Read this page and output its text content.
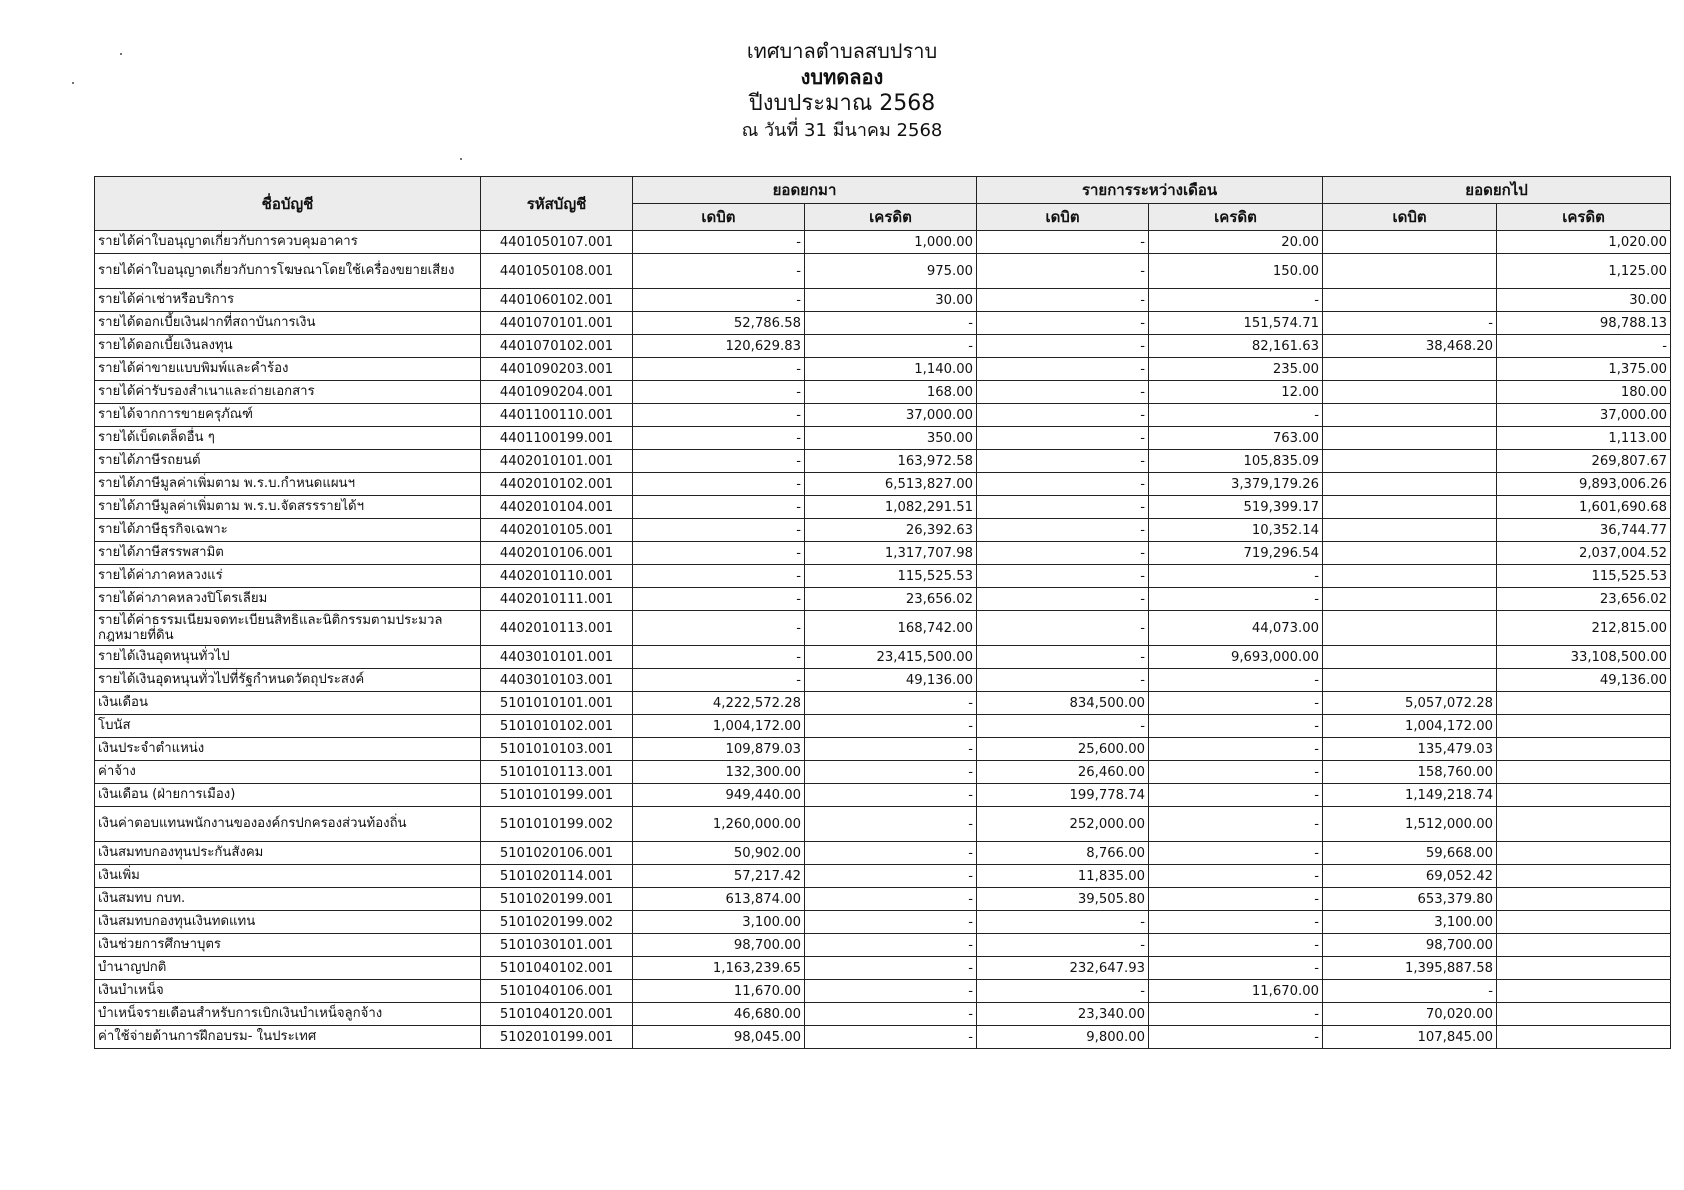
เทศบาลตำบลสบปราบ
งบทดลอง
ปีงบประมาณ 2568
ณ วันที่ 31 มีนาคม 2568
ชื่อบัญชี	รหัสบัญชี	ยอดยกมา		รายการระหว่างเดือน		ยอดยกไป	
		เดบิต	เครดิต	เดบิต	เครดิต	เดบิต	เครดิต
รายได้ค่าใบอนุญาตเกี่ยวกับการควบคุมอาคาร	4401050107.001	-	1,000.00	-	20.00		1,020.00
รายได้ค่าใบอนุญาตเกี่ยวกับการโฆษณาโดยใช้เครื่องขยายเสียง	4401050108.001	-	975.00	-	150.00		1,125.00
รายได้ค่าเช่าหรือบริการ	4401060102.001	-	30.00	-	-		30.00
รายได้ดอกเบี้ยเงินฝากที่สถาบันการเงิน	4401070101.001	52,786.58	-	-	151,574.71	-	98,788.13
รายได้ดอกเบี้ยเงินลงทุน	4401070102.001	120,629.83	-	-	82,161.63	38,468.20	-
รายได้ค่าขายแบบพิมพ์และคำร้อง	4401090203.001	-	1,140.00	-	235.00		1,375.00
รายได้ค่ารับรองสำเนาและถ่ายเอกสาร	4401090204.001	-	168.00	-	12.00		180.00
รายได้จากการขายครุภัณฑ์	4401100110.001	-	37,000.00	-	-		37,000.00
รายได้เบ็ดเตล็ดอื่น ๆ	4401100199.001	-	350.00	-	763.00		1,113.00
รายได้ภาษีรถยนต์	4402010101.001	-	163,972.58	-	105,835.09		269,807.67
รายได้ภาษีมูลค่าเพิ่มตาม พ.ร.บ.กำหนดแผนฯ	4402010102.001	-	6,513,827.00	-	3,379,179.26		9,893,006.26
รายได้ภาษีมูลค่าเพิ่มตาม พ.ร.บ.จัดสรรรายได้ฯ	4402010104.001	-	1,082,291.51	-	519,399.17		1,601,690.68
รายได้ภาษีธุรกิจเฉพาะ	4402010105.001	-	26,392.63	-	10,352.14		36,744.77
รายได้ภาษีสรรพสามิต	4402010106.001	-	1,317,707.98	-	719,296.54		2,037,004.52
รายได้ค่าภาคหลวงแร่	4402010110.001	-	115,525.53	-	-		115,525.53
รายได้ค่าภาคหลวงปิโตรเลียม	4402010111.001	-	23,656.02	-	-		23,656.02
รายได้ค่าธรรมเนียมจดทะเบียนสิทธิและนิติกรรมตามประมวลกฎหมายที่ดิน	4402010113.001	-	168,742.00	-	44,073.00		212,815.00
รายได้เงินอุดหนุนทั่วไป	4403010101.001	-	23,415,500.00	-	9,693,000.00		33,108,500.00
รายได้เงินอุดหนุนทั่วไปที่รัฐกำหนดวัตถุประสงค์	4403010103.001	-	49,136.00	-	-		49,136.00
เงินเดือน	5101010101.001	4,222,572.28	-	834,500.00	-	5,057,072.28	
โบนัส	5101010102.001	1,004,172.00	-	-	-	1,004,172.00	
เงินประจำตำแหน่ง	5101010103.001	109,879.03	-	25,600.00	-	135,479.03	
ค่าจ้าง	5101010113.001	132,300.00	-	26,460.00	-	158,760.00	
เงินเดือน (ฝ่ายการเมือง)	5101010199.001	949,440.00	-	199,778.74	-	1,149,218.74	
เงินค่าตอบแทนพนักงานขององค์กรปกครองส่วนท้องถิ่น	5101010199.002	1,260,000.00	-	252,000.00	-	1,512,000.00	
เงินสมทบกองทุนประกันสังคม	5101020106.001	50,902.00	-	8,766.00	-	59,668.00	
เงินเพิ่ม	5101020114.001	57,217.42	-	11,835.00	-	69,052.42	
เงินสมทบ กบท.	5101020199.001	613,874.00	-	39,505.80	-	653,379.80	
เงินสมทบกองทุนเงินทดแทน	5101020199.002	3,100.00	-	-	-	3,100.00	
เงินช่วยการศึกษาบุตร	5101030101.001	98,700.00	-	-	-	98,700.00	
บำนาญปกติ	5101040102.001	1,163,239.65	-	232,647.93	-	1,395,887.58	
เงินบำเหน็จ	5101040106.001	11,670.00	-	-	11,670.00	-	
บำเหน็จรายเดือนสำหรับการเบิกเงินบำเหน็จลูกจ้าง	5101040120.001	46,680.00	-	23,340.00	-	70,020.00	
ค่าใช้จ่ายด้านการฝึกอบรม- ในประเทศ	5102010199.001	98,045.00	-	9,800.00	-	107,845.00	
